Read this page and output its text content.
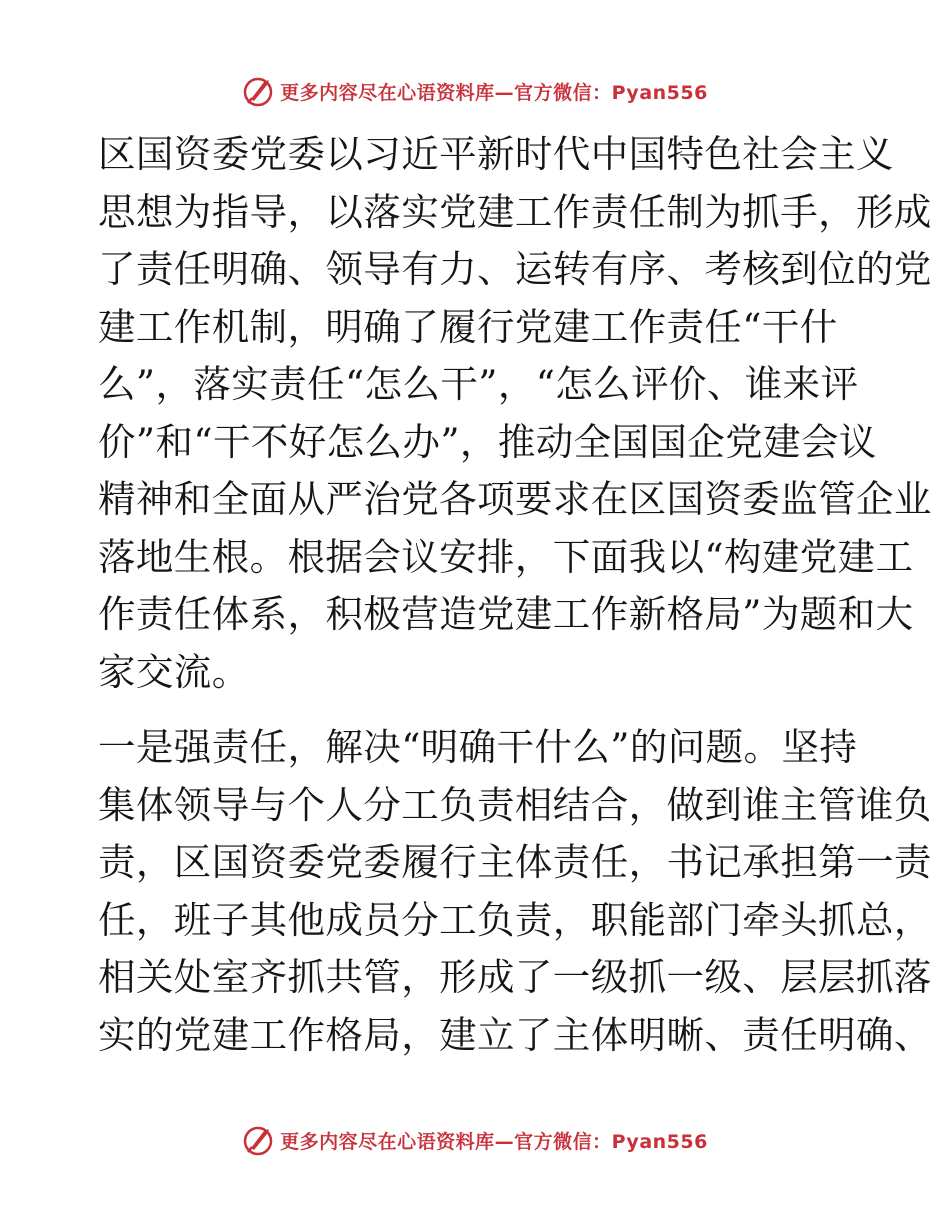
更多内容尽在心语资料库—官方微信：Pyan556

区国资委党委以习近平新时代中国特色社会主义
思想为指导，以落实党建工作责任制为抓手，形成
了责任明确、领导有力、运转有序、考核到位的党
建工作机制，明确了履行党建工作责任“干什
么”，落实责任“怎么干”，“怎么评价、谁来评
价”和“干不好怎么办”，推动全国国企党建会议
精神和全面从严治党各项要求在区国资委监管企业
落地生根。根据会议安排，下面我以“构建党建工
作责任体系，积极营造党建工作新格局”为题和大
家交流。

一是强责任，解决“明确干什么”的问题。坚持
集体领导与个人分工负责相结合，做到谁主管谁负
责，区国资委党委履行主体责任，书记承担第一责
任，班子其他成员分工负责，职能部门牵头抓总，
相关处室齐抓共管，形成了一级抓一级、层层抓落
实的党建工作格局，建立了主体明晰、责任明确、

更多内容尽在心语资料库—官方微信：Pyan556
